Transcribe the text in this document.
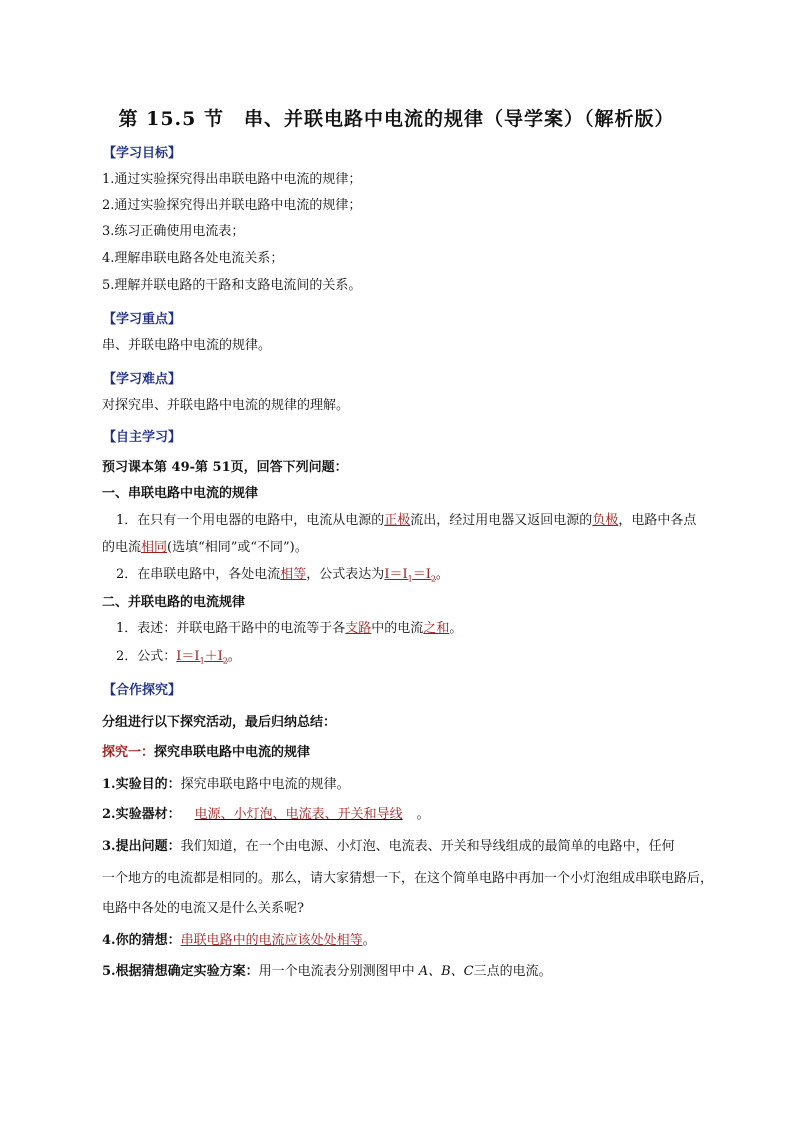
第 15.5 节　串、并联电路中电流的规律（导学案）（解析版）
【学习目标】
1.通过实验探究得出串联电路中电流的规律；
2.通过实验探究得出并联电路中电流的规律；
3.练习正确使用电流表；
4.理解串联电路各处电流关系；
5.理解并联电路的干路和支路电流间的关系。
【学习重点】
串、并联电路中电流的规律。
【学习难点】
对探究串、并联电路中电流的规律的理解。
【自主学习】
预习课本第 49-第 51页，回答下列问题：
一、串联电路中电流的规律
1．在只有一个用电器的电路中，电流从电源的正极流出，经过用电器又返回电源的负极，电路中各点
的电流相同(选填“相同”或“不同”)。
2．在串联电路中，各处电流相等，公式表达为$I=I_1=I_2$。
二、并联电路的电流规律
1．表述：并联电路干路中的电流等于各支路中的电流之和。
2．公式：$I=I_1+I_2$。
【合作探究】
分组进行以下探究活动，最后归纳总结：
探究一：探究串联电路中电流的规律
1.实验目的：探究串联电路中电流的规律。
2.实验器材： 电源、小灯泡、电流表、开关和导线 。
3.提出问题：我们知道，在一个由电源、小灯泡、电流表、开关和导线组成的最简单的电路中，任何
一个地方的电流都是相同的。那么，请大家猜想一下，在这个简单电路中再加一个小灯泡组成串联电路后，
电路中各处的电流又是什么关系呢?
4.你的猜想：串联电路中的电流应该处处相等。
5.根据猜想确定实验方案：用一个电流表分别测图甲中 A、B、C三点的电流。
